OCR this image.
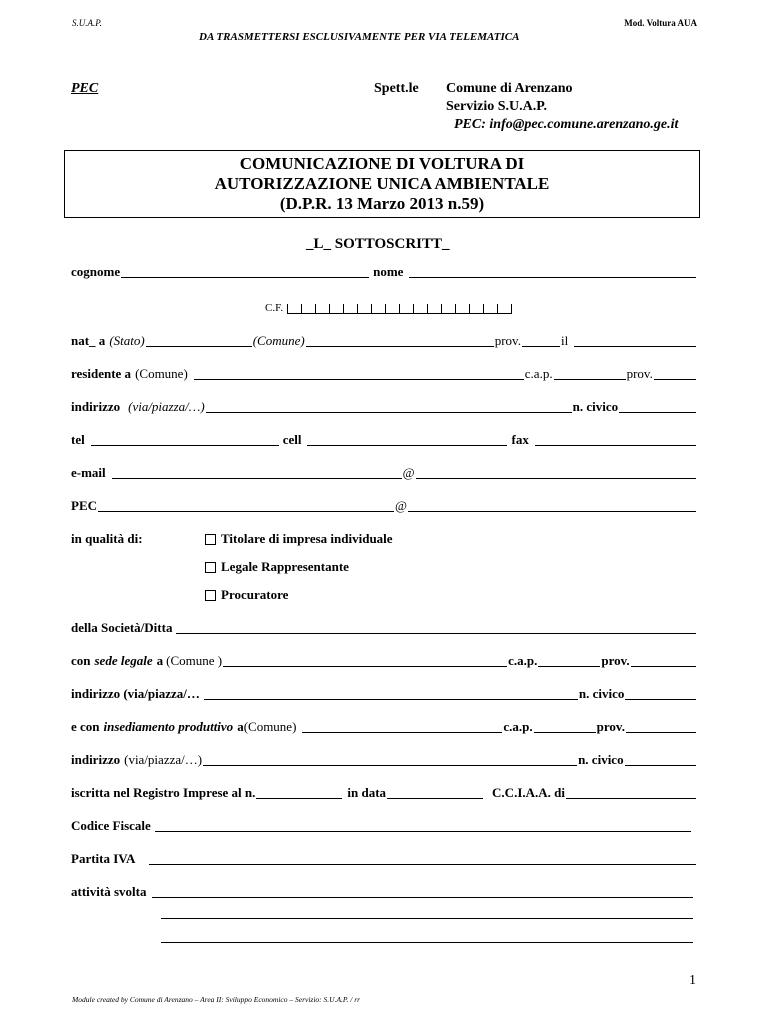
S.U.A.P.	Mod. Voltura AUA
DA TRASMETTERSI ESCLUSIVAMENTE PER VIA TELEMATICA
PEC	Spett.le Comune di Arenzano
Servizio S.U.A.P.
PEC: info@pec.comune.arenzano.ge.it
COMUNICAZIONE DI VOLTURA DI
AUTORIZZAZIONE UNICA AMBIENTALE
(D.P.R. 13 Marzo 2013 n.59)
_L_ SOTTOSCRITT_
cognome	nome
C.F.
nat_ a (Stato)	(Comune)	prov.	il
residente a (Comune)	c.a.p.	prov.
indirizzo (via/piazza/…)	n. civico
tel	cell	fax
e-mail	@
PEC	@
in qualità di:	Titolare di impresa individuale
Legale Rappresentante
Procuratore
della Società/Ditta
con sede legale a (Comune )	c.a.p.	prov.
indirizzo (via/piazza/…	n. civico
e con insediamento produttivo a (Comune)	c.a.p.	prov.
indirizzo (via/piazza/…)	n. civico
iscritta nel Registro Imprese al n.	in data	C.C.I.A.A. di
Codice Fiscale
Partita IVA
attività svolta
1
Module created by Comune di Arenzano – Area II: Sviluppo Economico – Servizio: S.U.A.P. / rr
